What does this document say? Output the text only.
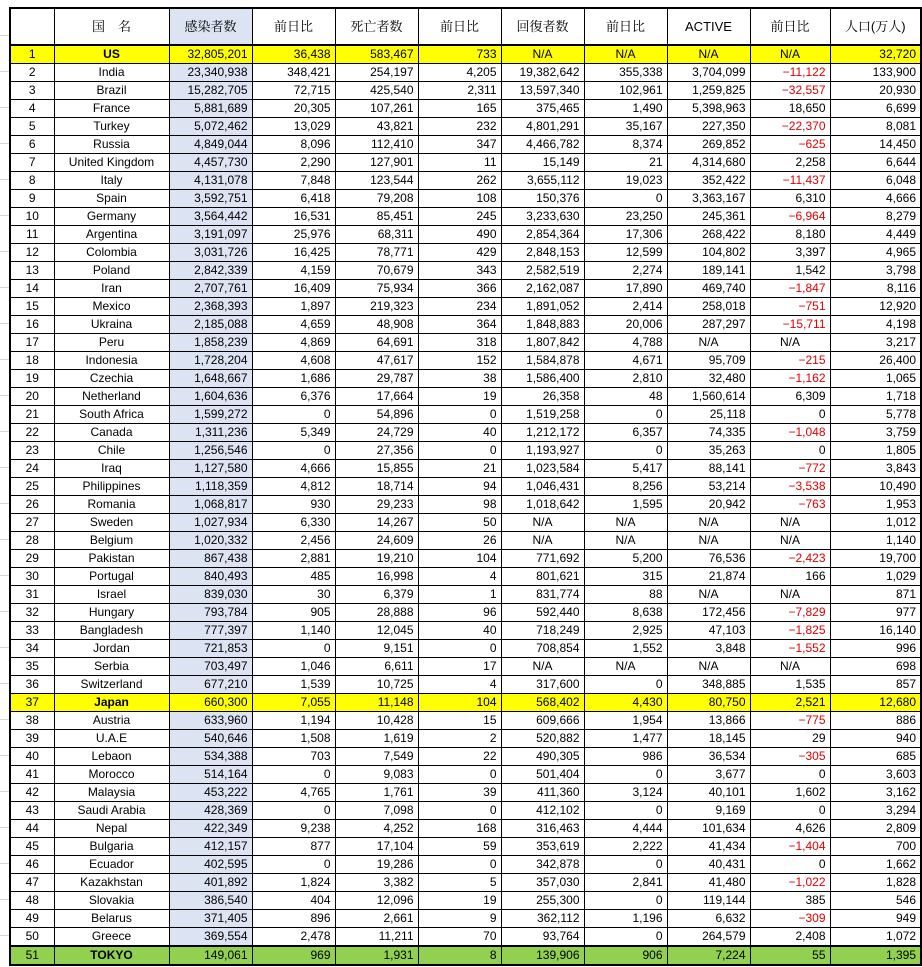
	国　名	感染者数	前日比	死亡者数	前日比	回復者数	前日比	ACTIVE	前日比	人口(万人)
1	US	32,805,201	36,438	583,467	733	N/A	N/A	N/A	N/A	32,720
2	India	23,340,938	348,421	254,197	4,205	19,382,642	355,338	3,704,099	−11,122	133,900
3	Brazil	15,282,705	72,715	425,540	2,311	13,597,340	102,961	1,259,825	−32,557	20,930
4	France	5,881,689	20,305	107,261	165	375,465	1,490	5,398,963	18,650	6,699
5	Turkey	5,072,462	13,029	43,821	232	4,801,291	35,167	227,350	−22,370	8,081
6	Russia	4,849,044	8,096	112,410	347	4,466,782	8,374	269,852	−625	14,450
7	United Kingdom	4,457,730	2,290	127,901	11	15,149	21	4,314,680	2,258	6,644
8	Italy	4,131,078	7,848	123,544	262	3,655,112	19,023	352,422	−11,437	6,048
9	Spain	3,592,751	6,418	79,208	108	150,376	0	3,363,167	6,310	4,666
10	Germany	3,564,442	16,531	85,451	245	3,233,630	23,250	245,361	−6,964	8,279
11	Argentina	3,191,097	25,976	68,311	490	2,854,364	17,306	268,422	8,180	4,449
12	Colombia	3,031,726	16,425	78,771	429	2,848,153	12,599	104,802	3,397	4,965
13	Poland	2,842,339	4,159	70,679	343	2,582,519	2,274	189,141	1,542	3,798
14	Iran	2,707,761	16,409	75,934	366	2,162,087	17,890	469,740	−1,847	8,116
15	Mexico	2,368,393	1,897	219,323	234	1,891,052	2,414	258,018	−751	12,920
16	Ukraina	2,185,088	4,659	48,908	364	1,848,883	20,006	287,297	−15,711	4,198
17	Peru	1,858,239	4,869	64,691	318	1,807,842	4,788	N/A	N/A	3,217
18	Indonesia	1,728,204	4,608	47,617	152	1,584,878	4,671	95,709	−215	26,400
19	Czechia	1,648,667	1,686	29,787	38	1,586,400	2,810	32,480	−1,162	1,065
20	Netherland	1,604,636	6,376	17,664	19	26,358	48	1,560,614	6,309	1,718
21	South Africa	1,599,272	0	54,896	0	1,519,258	0	25,118	0	5,778
22	Canada	1,311,236	5,349	24,729	40	1,212,172	6,357	74,335	−1,048	3,759
23	Chile	1,256,546	0	27,356	0	1,193,927	0	35,263	0	1,805
24	Iraq	1,127,580	4,666	15,855	21	1,023,584	5,417	88,141	−772	3,843
25	Philippines	1,118,359	4,812	18,714	94	1,046,431	8,256	53,214	−3,538	10,490
26	Romania	1,068,817	930	29,233	98	1,018,642	1,595	20,942	−763	1,953
27	Sweden	1,027,934	6,330	14,267	50	N/A	N/A	N/A	N/A	1,012
28	Belgium	1,020,332	2,456	24,609	26	N/A	N/A	N/A	N/A	1,140
29	Pakistan	867,438	2,881	19,210	104	771,692	5,200	76,536	−2,423	19,700
30	Portugal	840,493	485	16,998	4	801,621	315	21,874	166	1,029
31	Israel	839,030	30	6,379	1	831,774	88	N/A	N/A	871
32	Hungary	793,784	905	28,888	96	592,440	8,638	172,456	−7,829	977
33	Bangladesh	777,397	1,140	12,045	40	718,249	2,925	47,103	−1,825	16,140
34	Jordan	721,853	0	9,151	0	708,854	1,552	3,848	−1,552	996
35	Serbia	703,497	1,046	6,611	17	N/A	N/A	N/A	N/A	698
36	Switzerland	677,210	1,539	10,725	4	317,600	0	348,885	1,535	857
37	Japan	660,300	7,055	11,148	104	568,402	4,430	80,750	2,521	12,680
38	Austria	633,960	1,194	10,428	15	609,666	1,954	13,866	−775	886
39	U.A.E	540,646	1,508	1,619	2	520,882	1,477	18,145	29	940
40	Lebaon	534,388	703	7,549	22	490,305	986	36,534	−305	685
41	Morocco	514,164	0	9,083	0	501,404	0	3,677	0	3,603
42	Malaysia	453,222	4,765	1,761	39	411,360	3,124	40,101	1,602	3,162
43	Saudi Arabia	428,369	0	7,098	0	412,102	0	9,169	0	3,294
44	Nepal	422,349	9,238	4,252	168	316,463	4,444	101,634	4,626	2,809
45	Bulgaria	412,157	877	17,104	59	353,619	2,222	41,434	−1,404	700
46	Ecuador	402,595	0	19,286	0	342,878	0	40,431	0	1,662
47	Kazakhstan	401,892	1,824	3,382	5	357,030	2,841	41,480	−1,022	1,828
48	Slovakia	386,540	404	12,096	19	255,300	0	119,144	385	546
49	Belarus	371,405	896	2,661	9	362,112	1,196	6,632	−309	949
50	Greece	369,554	2,478	11,211	70	93,764	0	264,579	2,408	1,072
51	TOKYO	149,061	969	1,931	8	139,906	906	7,224	55	1,395
